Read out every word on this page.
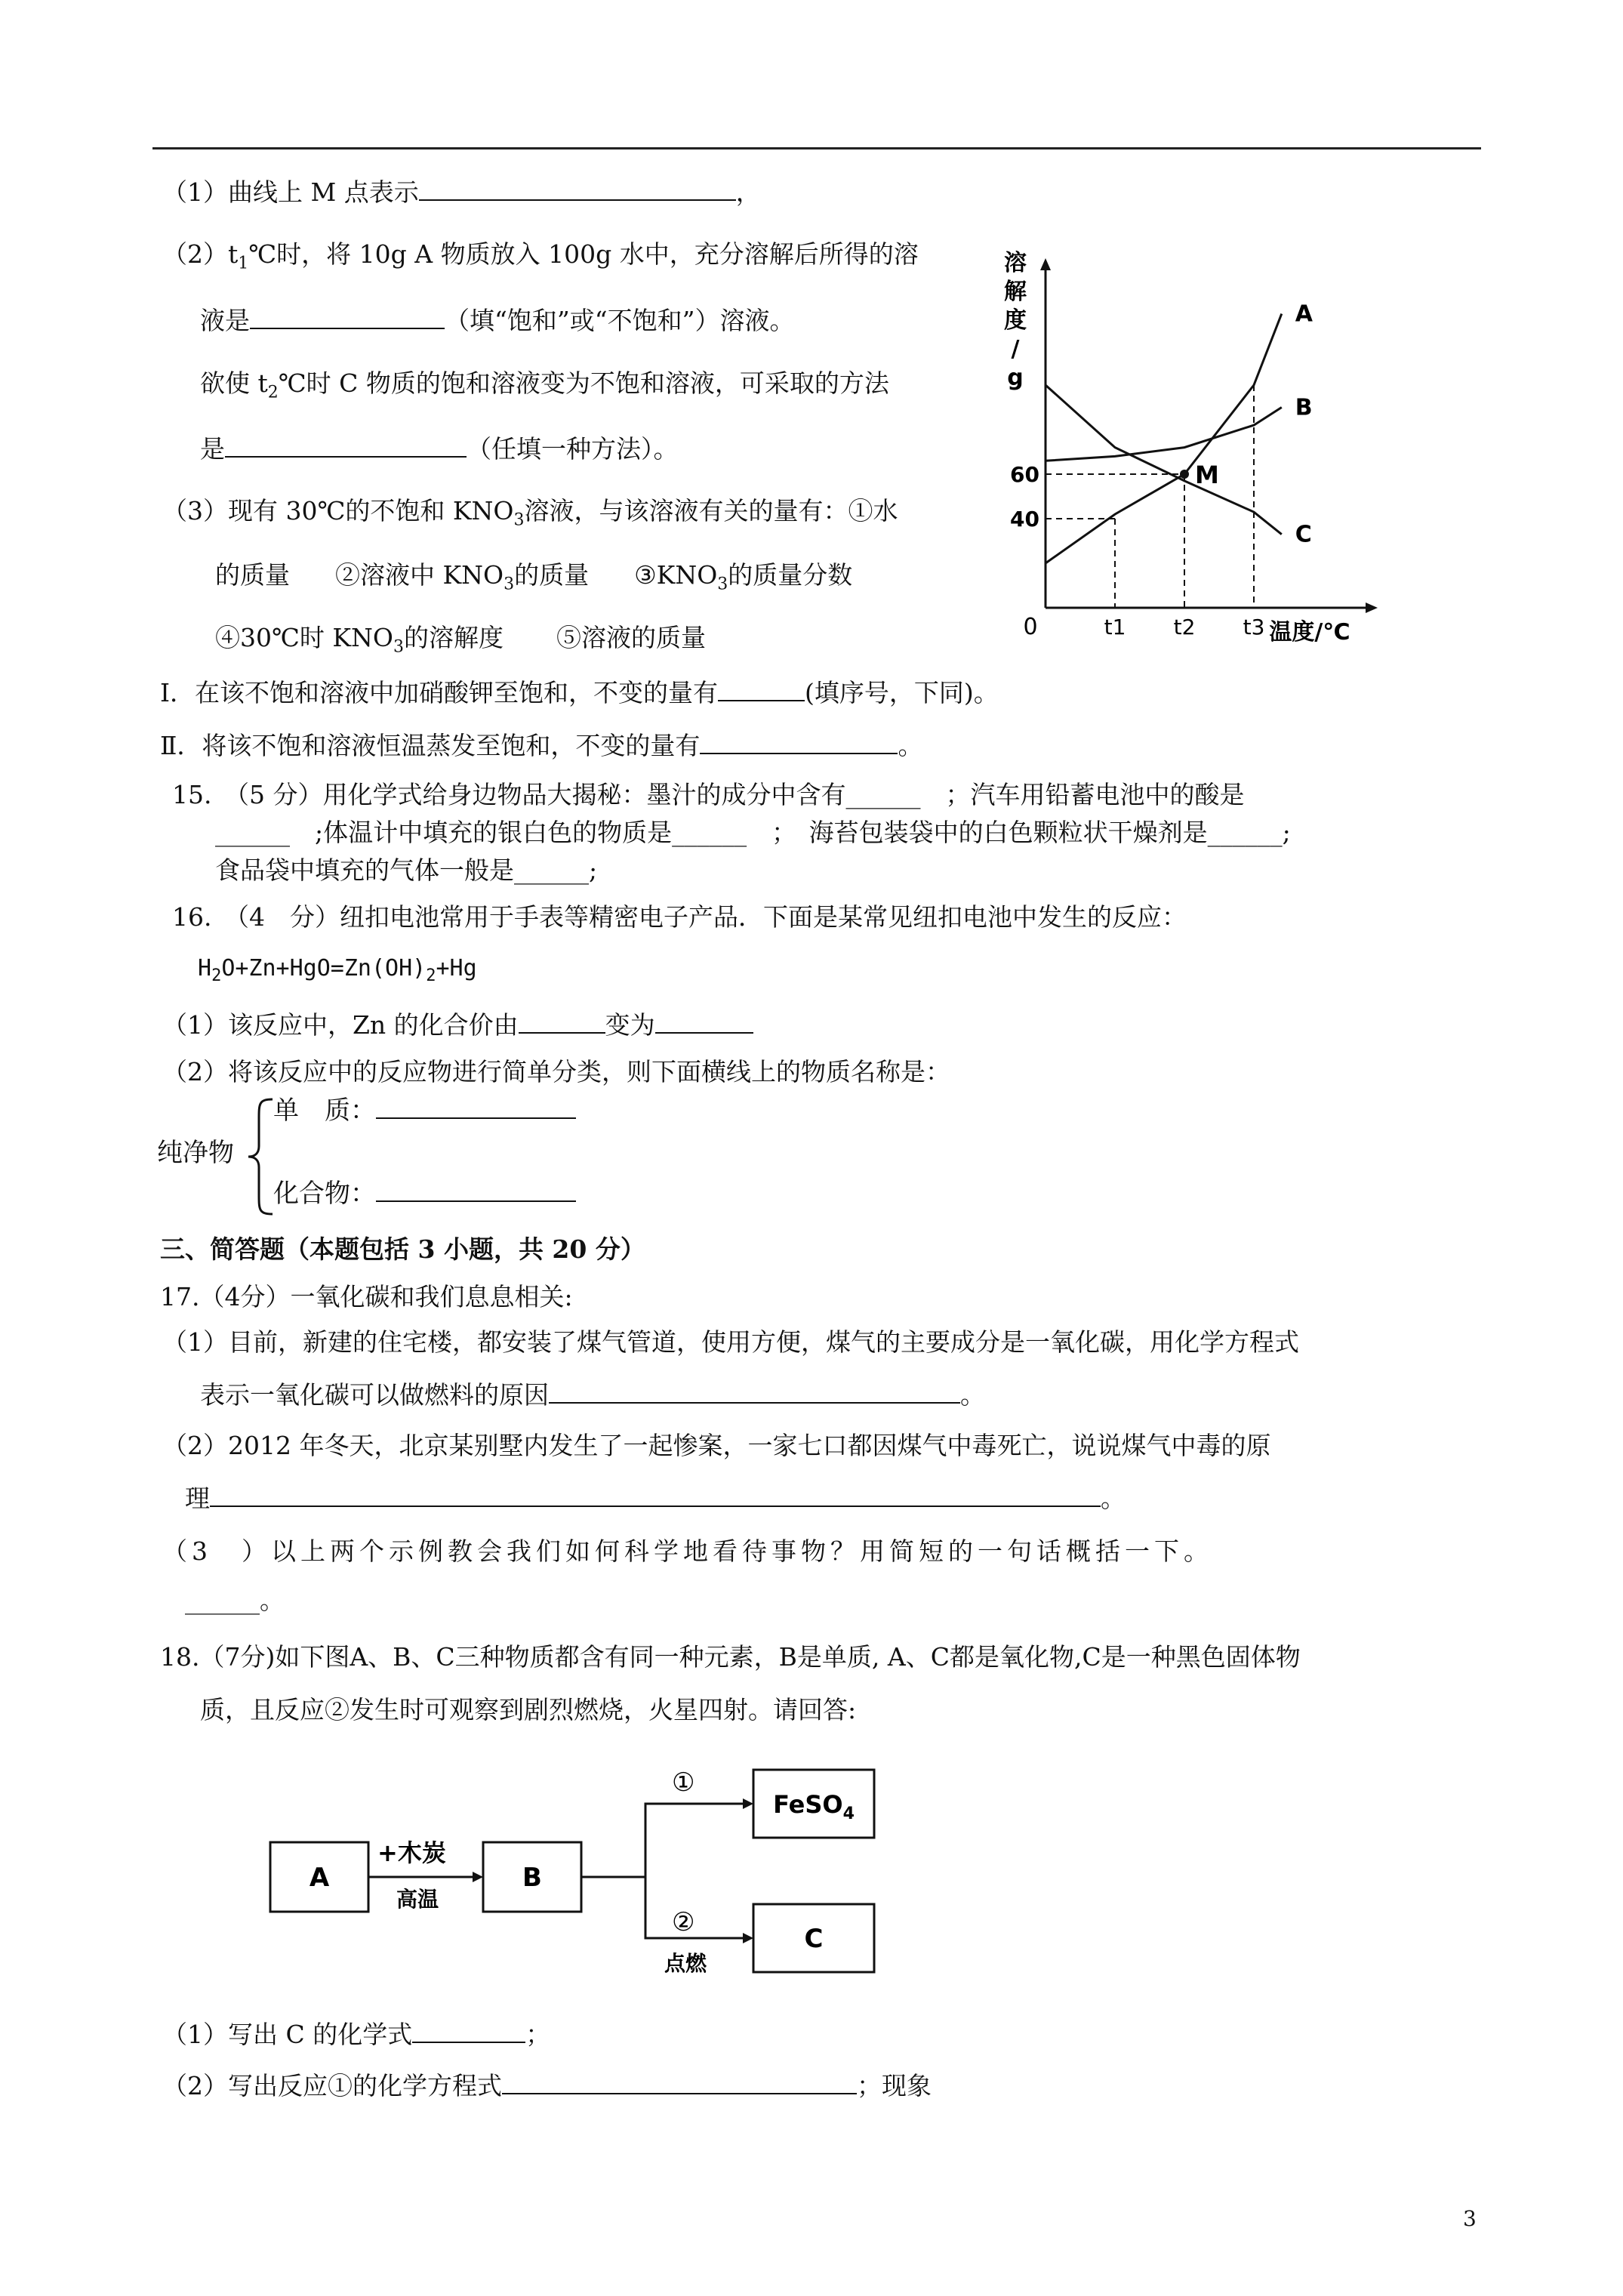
（1）曲线上 M 点表示	，
$(2)t_1℃$时，将 10g A 物质放入 100g 水中，充分溶解后所得的溶
液是	（填“饱和”或“不饱和”）溶液。
欲使 $t_2℃$时 C 物质的饱和溶液变为不饱和溶液，可采取的方法
是	（任填一种方法）。
（3）现有 30℃的不饱和 $KNO_3$溶液，与该溶液有关的量有：①水
的质量 ②溶液中 $KNO_3$的质量 $③KNO_3$的质量分数
④30℃时 $KNO_3$的溶解度 ⑤溶液的质量
Ⅰ．在该不饱和溶液中加硝酸钾至饱和，不变的量有	(填序号，下同)。
Ⅱ．将该不饱和溶液恒温蒸发至饱和，不变的量有	。
溶
解
度
/
g
温度/℃
0
60
40
t1 t2 t3
A
B
C
M
15.　（5 分）用化学式给身边物品大揭秘：墨汁的成分中含有______　；汽车用铅蓄电池中的酸是
______　;体温计中填充的银白色的物质是______　；　海苔包装袋中的白色颗粒状干燥剂是______;
食品袋中填充的气体一般是______;
16.　（4　分）纽扣电池常用于手表等精密电子产品．下面是某常见纽扣电池中发生的反应：
$H_2O+Zn+HgO=Zn(OH)_2+Hg$
（1）该反应中，Zn 的化合价由	变为
（2）将该反应中的反应物进行简单分类，则下面横线上的物质名称是：
纯净物
单　质：
化合物：
三、简答题（本题包括 3 小题，共 20 分）
17.（4分）一氧化碳和我们息息相关:
（1）目前，新建的住宅楼，都安装了煤气管道，使用方便，煤气的主要成分是一氧化碳，用化学方程式
表示一氧化碳可以做燃料的原因	。
（2）2012 年冬天，北京某别墅内发生了一起惨案，一家七口都因煤气中毒死亡，说说煤气中毒的原
理	。
（3　）以上两个示例教会我们如何科学地看待事物？用简短的一句话概括一下。
______。
18.（7分)如下图A、B、C三种物质都含有同一种元素，B是单质, A、C都是氧化物,C是一种黑色固体物
质，且反应②发生时可观察到剧烈燃烧，火星四射。请回答:
A	B
C
FeSO$_4$
+木炭
高温
①
②
点燃
（1）写出 C 的化学式	；
（2）写出反应①的化学方程式	；现象
3
